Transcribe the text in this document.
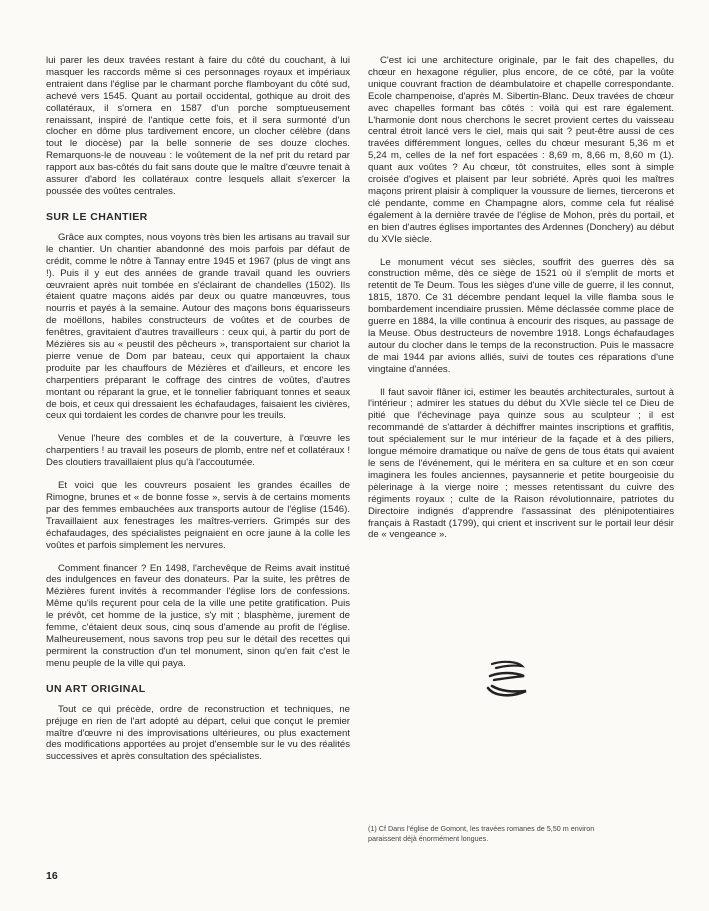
lui parer les deux travées restant à faire du côté du couchant, à lui masquer les raccords même si ces personnages royaux et impériaux entraient dans l'église par le charmant porche flamboyant du côté sud, achevé vers 1545. Quant au portail occidental, gothique au droit des collatéraux, il s'ornera en 1587 d'un porche somptueusement renaissant, inspiré de l'antique cette fois, et il sera surmonté d'un clocher en dôme plus tardivement encore, un clocher célèbre (dans tout le diocèse) par la belle sonnerie de ses douze cloches. Remarquons-le de nouveau : le voûtement de la nef prit du retard par rapport aux bas-côtés du fait sans doute que le maître d'œuvre tenait à assurer d'abord les collatéraux contre lesquels allait s'exercer la poussée des voûtes centrales.

SUR LE CHANTIER

Grâce aux comptes, nous voyons très bien les artisans au travail sur le chantier. Un chantier abandonné des mois parfois par défaut de crédit, comme le nôtre à Tannay entre 1945 et 1967 (plus de vingt ans !). Puis il y eut des années de grande travail quand les ouvriers œuvraient après nuit tombée en s'éclairant de chandelles (1502). Ils étaient quatre maçons aidés par deux ou quatre manœuvres, tous nourris et payés à la semaine. Autour des maçons bons équarisseurs de moëllons, habiles constructeurs de voûtes et de courbes de fenêtres, gravitaient d'autres travailleurs : ceux qui, à partir du port de Mézières sis au « peustil des pêcheurs », transportaient sur chariot la pierre venue de Dom par bateau, ceux qui apportaient la chaux produite par les chauffours de Mézières et d'ailleurs, et encore les charpentiers préparant le coffrage des cintres de voûtes, d'autres montant ou réparant la grue, et le tonnelier fabriquant tonnes et seaux de bois, et ceux qui dressaient les échafaudages, faisaient les civières, ceux qui tordaient les cordes de chanvre pour les treuils.

Venue l'heure des combles et de la couverture, à l'œuvre les charpentiers ! au travail les poseurs de plomb, entre nef et collatéraux ! Des cloutiers travaillaient plus qu'à l'accoutumée.

Et voici que les couvreurs posaient les grandes écailles de Rimogne, brunes et « de bonne fosse », servis à de certains moments par des femmes embauchées aux transports autour de l'église (1546). Travaillaient aux fenestrages les maîtres-verriers. Grimpés sur des échafaudages, des spécialistes peignaient en ocre jaune à la colle les voûtes et parfois simplement les nervures.

Comment financer ? En 1498, l'archevêque de Reims avait institué des indulgences en faveur des donateurs. Par la suite, les prêtres de Mézières furent invités à recommander l'église lors de confessions. Même qu'ils reçurent pour cela de la ville une petite gratification. Puis le prévôt, cet homme de la justice, s'y mit ; blasphème, jurement de femme, c'étaient deux sous, cinq sous d'amende au profit de l'église. Malheureusement, nous savons trop peu sur le détail des recettes qui permirent la construction d'un tel monument, sinon qu'en fait c'est le menu peuple de la ville qui paya.

UN ART ORIGINAL

Tout ce qui précède, ordre de reconstruction et techniques, ne préjuge en rien de l'art adopté au départ, celui que conçut le premier maître d'œuvre ni des improvisations ultérieures, ou plus exactement des modifications apportées au projet d'ensemble sur le vu des réalités successives et après consultation des spécialistes.

C'est ici une architecture originale, par le fait des chapelles, du chœur en hexagone régulier, plus encore, de ce côté, par la voûte unique couvrant fraction de déambulatoire et chapelle correspondante. Ecole champenoise, d'après M. Sibertin-Blanc. Deux travées de chœur avec chapelles formant bas côtés : voilà qui est rare également. L'harmonie dont nous cherchons le secret provient certes du vaisseau central étroit lancé vers le ciel, mais qui sait ? peut-être aussi de ces travées différemment longues, celles du chœur mesurant 5,36 m et 5,24 m, celles de la nef fort espacées : 8,69 m, 8,66 m, 8,60 m (1). quant aux voûtes ? Au chœur, tôt construites, elles sont à simple croisée d'ogives et plaisent par leur sobriété. Après quoi les maîtres maçons prirent plaisir à compliquer la voussure de liernes, tiercerons et clé pendante, comme en Champagne alors, comme cela fut réalisé également à la dernière travée de l'église de Mohon, près du portail, et en bien d'autres églises importantes des Ardennes (Donchery) au début du XVIe siècle.

Le monument vécut ses siècles, souffrit des guerres dès sa construction même, dès ce siège de 1521 où il s'emplit de morts et retentit de Te Deum. Tous les sièges d'une ville de guerre, il les connut, 1815, 1870. Ce 31 décembre pendant lequel la ville flamba sous le bombardement incendiaire prussien. Même déclassée comme place de guerre en 1884, la ville continua à encourir des risques, au passage de la Meuse. Obus destructeurs de novembre 1918. Longs échafaudages autour du clocher dans le temps de la reconstruction. Puis le massacre de mai 1944 par avions alliés, suivi de toutes ces réparations d'une vingtaine d'années.

Il faut savoir flâner ici, estimer les beautés architecturales, surtout à l'intérieur ; admirer les statues du début du XVIe siècle tel ce Dieu de pitié que l'échevinage paya quinze sous au sculpteur ; il est recommandé de s'attarder à déchiffrer maintes inscriptions et graffitis, tout spécialement sur le mur intérieur de la façade et à des piliers, longue mémoire dramatique ou naïve de gens de tous états qui avaient le sens de l'événement, qui le méritera en sa culture et en son cœur imaginera les foules anciennes, paysannerie et petite bourgeoisie du pèlerinage à la vierge noire ; messes retentissant du cuivre des régiments royaux ; culte de la Raison révolutionnaire, patriotes du Directoire indignés d'apprendre l'assassinat des plénipotentiaires français à Rastadt (1799), qui crient et inscrivent sur le portail leur désir de « vengeance ».

(1) Cf Dans l'église de Gomont, les travées romanes de 5,50 m environ
paraissent déjà énormément longues.
16
